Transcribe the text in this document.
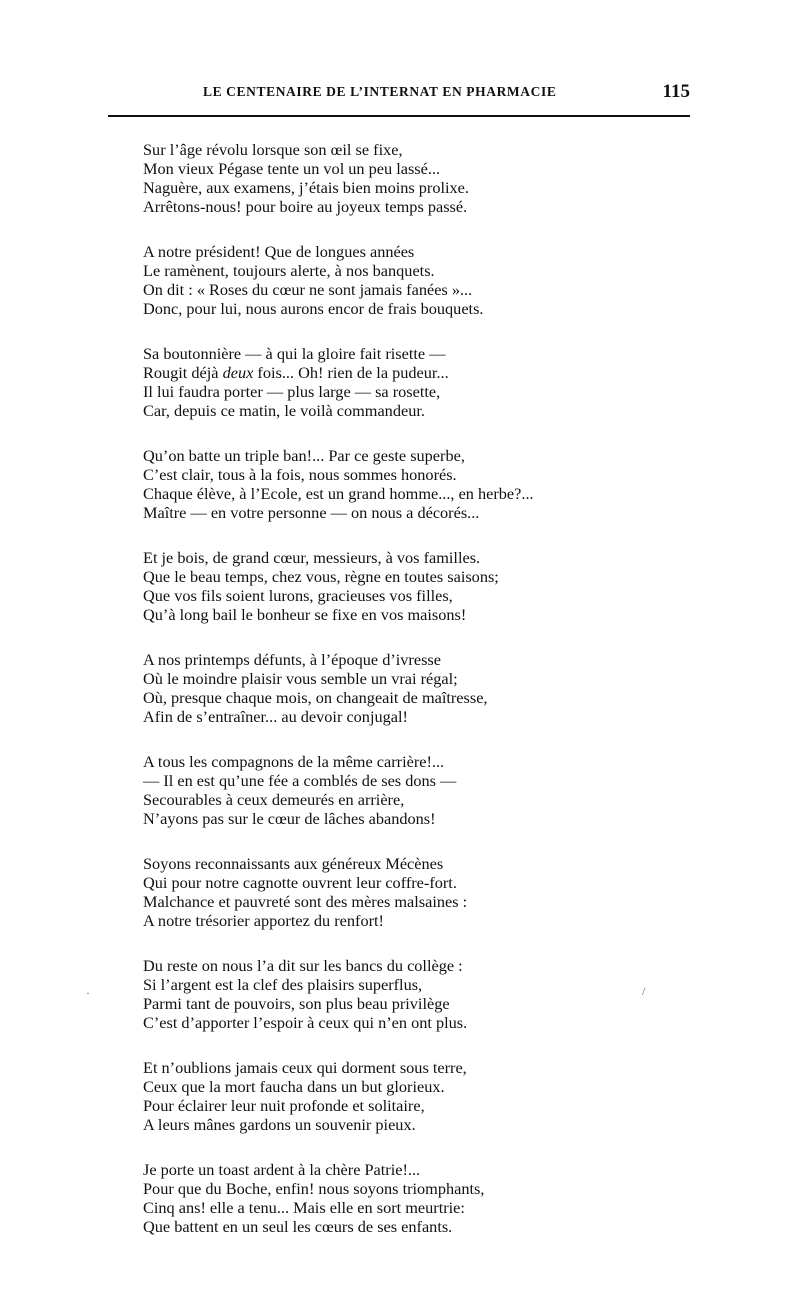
LE CENTENAIRE DE L’INTERNAT EN PHARMACIE	115
Sur l’âge révolu lorsque son œil se fixe,
Mon vieux Pégase tente un vol un peu lassé...
Naguère, aux examens, j’étais bien moins prolixe.
Arrêtons-nous! pour boire au joyeux temps passé.
A notre président! Que de longues années
Le ramènent, toujours alerte, à nos banquets.
On dit : « Roses du cœur ne sont jamais fanées »...
Donc, pour lui, nous aurons encor de frais bouquets.
Sa boutonnière — à qui la gloire fait risette —
Rougit déjà deux fois... Oh! rien de la pudeur...
Il lui faudra porter — plus large — sa rosette,
Car, depuis ce matin, le voilà commandeur.
Qu’on batte un triple ban!... Par ce geste superbe,
C’est clair, tous à la fois, nous sommes honorés.
Chaque élève, à l’Ecole, est un grand homme..., en herbe?...
Maître — en votre personne — on nous a décorés...
Et je bois, de grand cœur, messieurs, à vos familles.
Que le beau temps, chez vous, règne en toutes saisons;
Que vos fils soient lurons, gracieuses vos filles,
Qu’à long bail le bonheur se fixe en vos maisons!
A nos printemps défunts, à l’époque d’ivresse
Où le moindre plaisir vous semble un vrai régal;
Où, presque chaque mois, on changeait de maîtresse,
Afin de s’entraîner... au devoir conjugal!
A tous les compagnons de la même carrière!...
— Il en est qu’une fée a comblés de ses dons —
Secourables à ceux demeurés en arrière,
N’ayons pas sur le cœur de lâches abandons!
Soyons reconnaissants aux généreux Mécènes
Qui pour notre cagnotte ouvrent leur coffre-fort.
Malchance et pauvreté sont des mères malsaines :
A notre trésorier apportez du renfort!
Du reste on nous l’a dit sur les bancs du collège :
Si l’argent est la clef des plaisirs superflus,
Parmi tant de pouvoirs, son plus beau privilège
C’est d’apporter l’espoir à ceux qui n’en ont plus.
Et n’oublions jamais ceux qui dorment sous terre,
Ceux que la mort faucha dans un but glorieux.
Pour éclairer leur nuit profonde et solitaire,
A leurs mânes gardons un souvenir pieux.
Je porte un toast ardent à la chère Patrie!...
Pour que du Boche, enfin! nous soyons triomphants,
Cinq ans! elle a tenu... Mais elle en sort meurtrie:
Que battent en un seul les cœurs de ses enfants.
·	/
